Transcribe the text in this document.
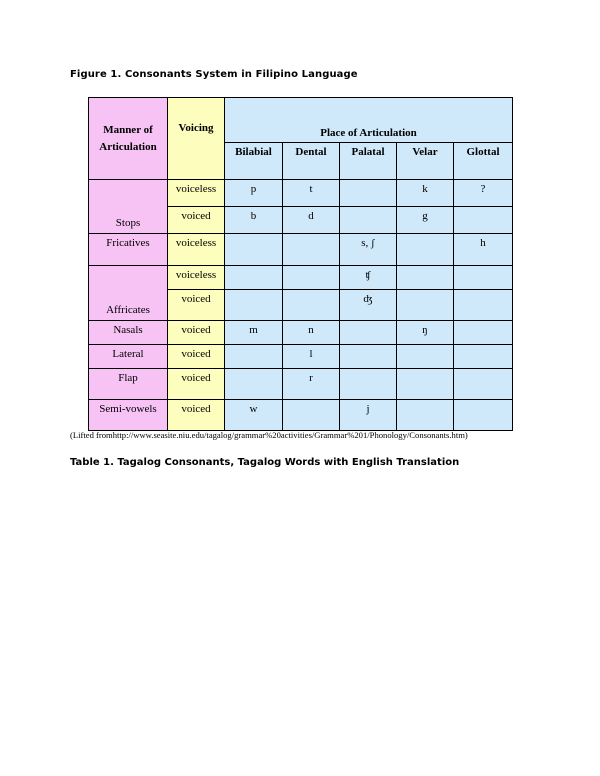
Figure 1. Consonants System in Filipino Language
Manner of Articulation	Voicing	Place of Articulation				
		Bilabial	Dental	Palatal	Velar	Glottal
Stops	voiceless	p	t		k	?
	voiced	b	d		g	
Fricatives	voiceless			s, ʃ		h
Affricates	voiceless			ʧ		
	voiced			ʤ		
Nasals	voiced	m	n		ŋ	
Lateral	voiced		l			
Flap	voiced		r			
Semi-vowels	voiced	w		j		
(Lifted fromhttp://www.seasite.niu.edu/tagalog/grammar%20activities/Grammar%201/Phonology/Consonants.htm)
Table 1. Tagalog Consonants, Tagalog Words with English Translation
